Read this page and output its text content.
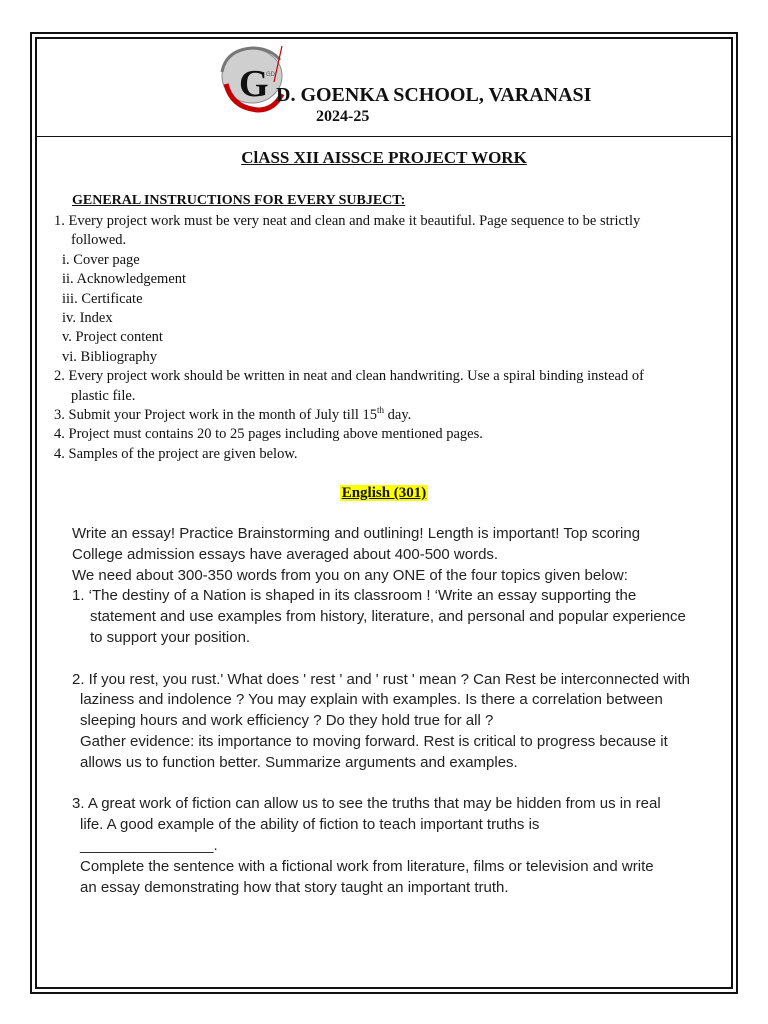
G
GD
D. GOENKA SCHOOL, VARANASI
2024-25
ClASS XII AISSCE PROJECT WORK
GENERAL INSTRUCTIONS FOR EVERY SUBJECT:
1. Every project work must be very neat and clean and make it beautiful. Page sequence to be strictly
followed.
i. Cover page
ii. Acknowledgement
iii. Certificate
iv. Index
v. Project content
vi. Bibliography
2. Every project work should be written in neat and clean handwriting. Use a spiral binding instead of
plastic file.
3. Submit your Project work in the month of July till 15th day.
4. Project must contains 20 to 25 pages including above mentioned pages.
4. Samples of the project are given below.
English (301)
Write an essay! Practice Brainstorming and outlining! Length is important! Top scoring
College admission essays have averaged about 400-500 words.
We need about 300-350 words from you on any ONE of the four topics given below:
1. ‘The destiny of a Nation is shaped in its classroom ! ‘Write an essay supporting the
statement and use examples from history, literature, and personal and popular experience
to support your position.
2. If you rest, you rust.' What does ' rest ' and ' rust ' mean ? Can Rest be interconnected with
laziness and indolence ? You may explain with examples. Is there a correlation between
sleeping hours and work efficiency ? Do they hold true for all ?
Gather evidence: its importance to moving forward. Rest is critical to progress because it
allows us to function better. Summarize arguments and examples.
3. A great work of fiction can allow us to see the truths that may be hidden from us in real
life. A good example of the ability of fiction to teach important truths is
________________.
Complete the sentence with a fictional work from literature, films or television and write
an essay demonstrating how that story taught an important truth.
